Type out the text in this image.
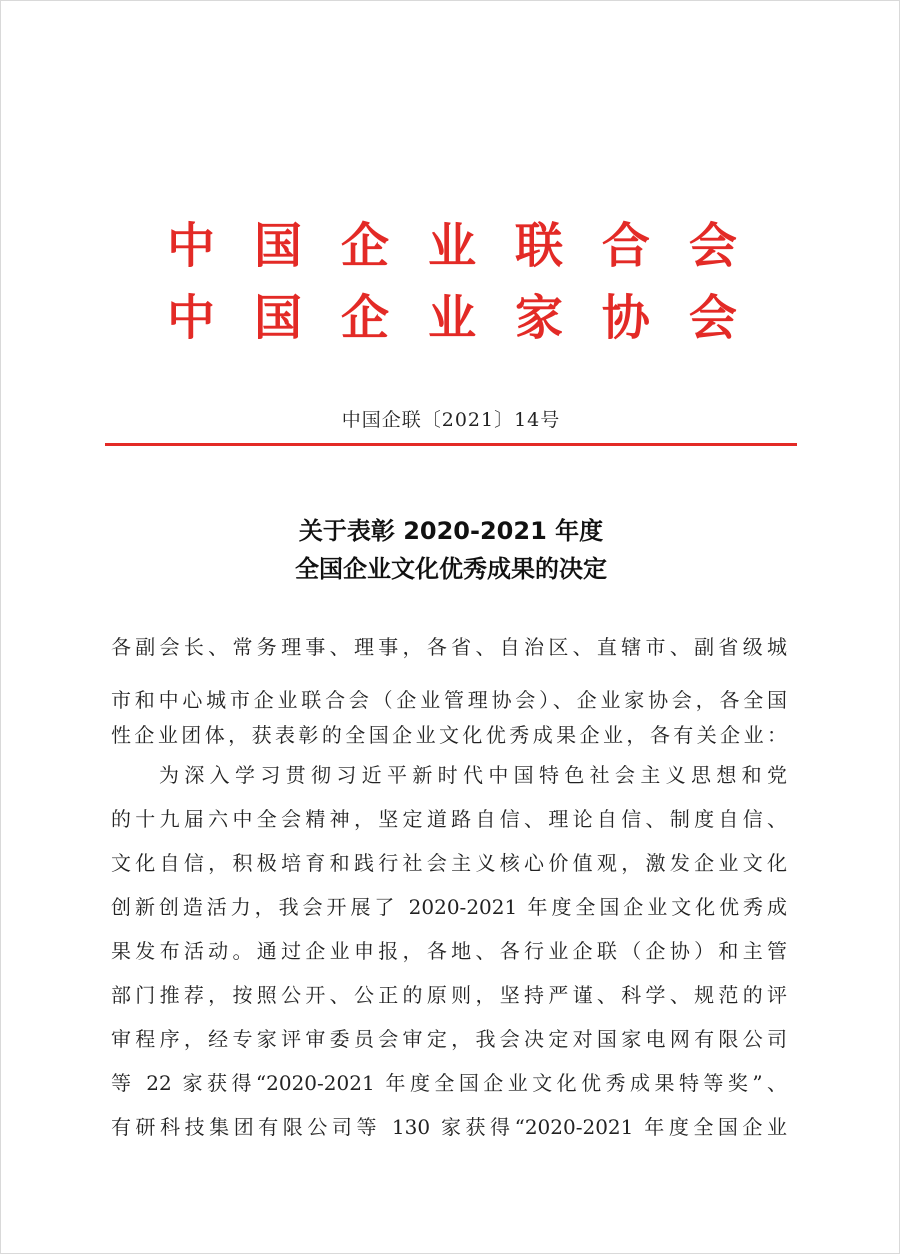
中 国 企 业 联 合 会
中 国 企 业 家 协 会
中国企联〔2021〕14号
关于表彰 2020-2021 年度
全国企业文化优秀成果的决定
各副会长、常务理事、理事，各省、自治区、直辖市、副省级城
市和中心城市企业联合会（企业管理协会）、企业家协会，各全国
性企业团体，获表彰的全国企业文化优秀成果企业，各有关企业：
为深入学习贯彻习近平新时代中国特色社会主义思想和党
的十九届六中全会精神，坚定道路自信、理论自信、制度自信、
文化自信，积极培育和践行社会主义核心价值观，激发企业文化
创新创造活力，我会开展了 2020-2021 年度全国企业文化优秀成
果发布活动。通过企业申报，各地、各行业企联（企协）和主管
部门推荐，按照公开、公正的原则，坚持严谨、科学、规范的评
审程序，经专家评审委员会审定，我会决定对国家电网有限公司
等 22 家获得“2020-2021 年度全国企业文化优秀成果特等奖”、
有研科技集团有限公司等 130 家获得“2020-2021 年度全国企业
